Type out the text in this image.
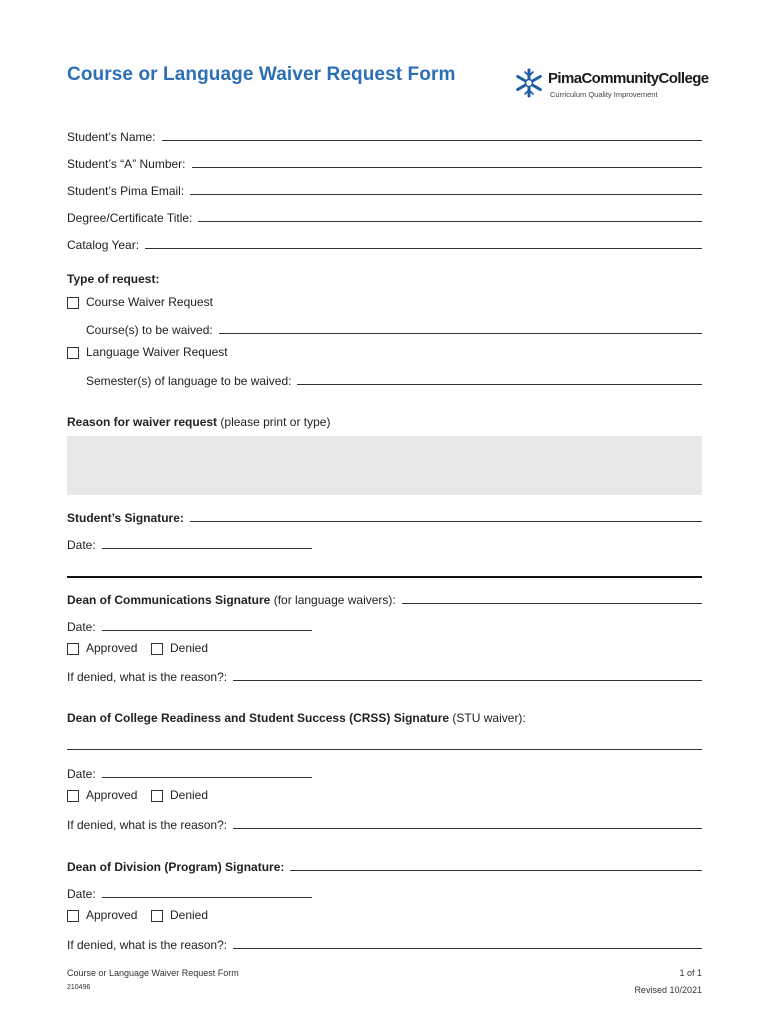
Course or Language Waiver Request Form	PimaCommunityCollege
Curriculum Quality Improvement
Student’s Name:
Student’s “A” Number:
Student’s Pima Email:
Degree/Certificate Title:
Catalog Year:
Type of request:
Course Waiver Request
Course(s) to be waived:
Language Waiver Request
Semester(s) of language to be waived:
Reason for waiver request (please print or type)
Student’s Signature:
Date:
Dean of Communications Signature (for language waivers):
Date:
Approved	Denied
If denied, what is the reason?:
Dean of College Readiness and Student Success (CRSS) Signature (STU waiver):
Date:
Approved	Denied
If denied, what is the reason?:
Dean of Division (Program) Signature:
Date:
Approved	Denied
If denied, what is the reason?:
Course or Language Waiver Request Form
210496
1 of 1
Revised 10/2021
